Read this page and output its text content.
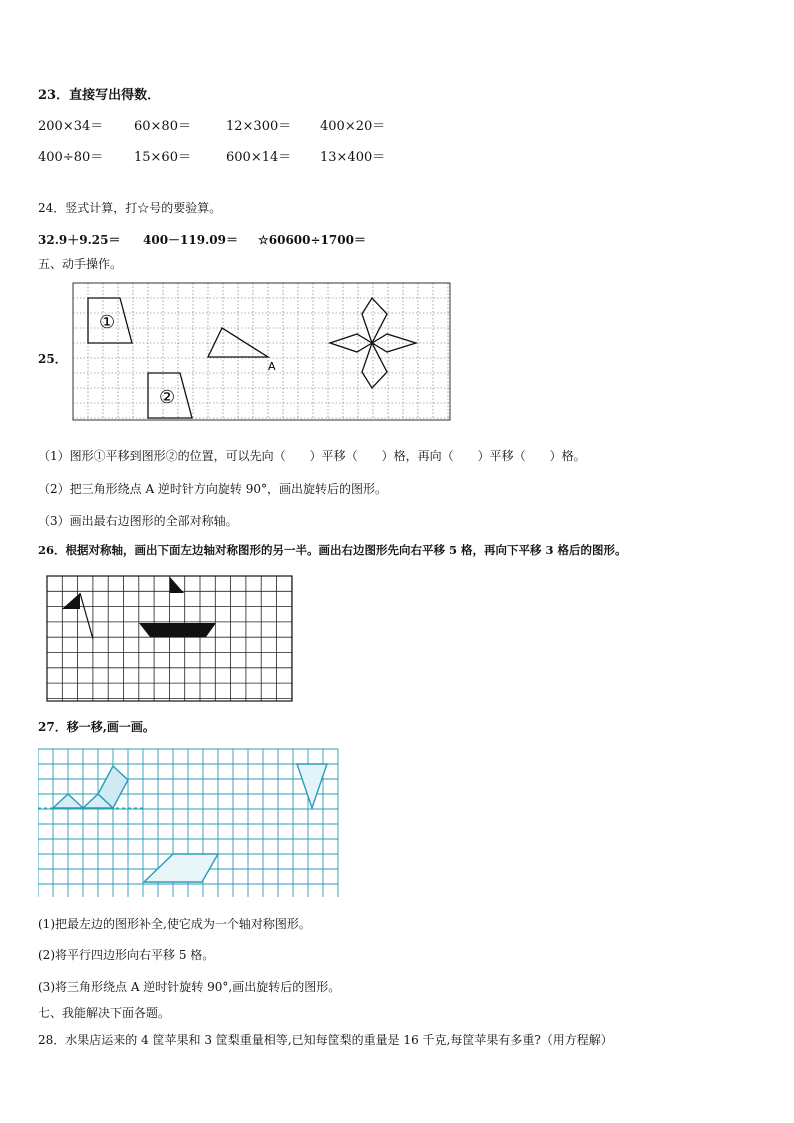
23．直接写出得数．
200×34＝ 60×80＝	12×300＝ 400×20＝
400÷80＝ 15×60＝	600×14＝ 13×400＝
24．竖式计算，打☆号的要验算。
32.9＋9.25＝ 400－119.09＝ ☆60600÷1700＝
五、动手操作。
25．
①
②
A
（1）图形①平移到图形②的位置，可以先向（　　）平移（　　）格，再向（　　）平移（　　）格。
（2）把三角形绕点 A 逆时针方向旋转 90°，画出旋转后的图形。
（3）画出最右边图形的全部对称轴。
26．根据对称轴，画出下面左边轴对称图形的另一半。画出右边图形先向右平移 5 格，再向下平移 3 格后的图形。
27．移一移,画一画。
(1)把最左边的图形补全,使它成为一个轴对称图形。
(2)将平行四边形向右平移 5 格。
(3)将三角形绕点 A 逆时针旋转 90°,画出旋转后的图形。
七、我能解决下面各题。
28．水果店运来的 4 筐苹果和 3 筐梨重量相等,已知每筐梨的重量是 16 千克,每筐苹果有多重?（用方程解）
